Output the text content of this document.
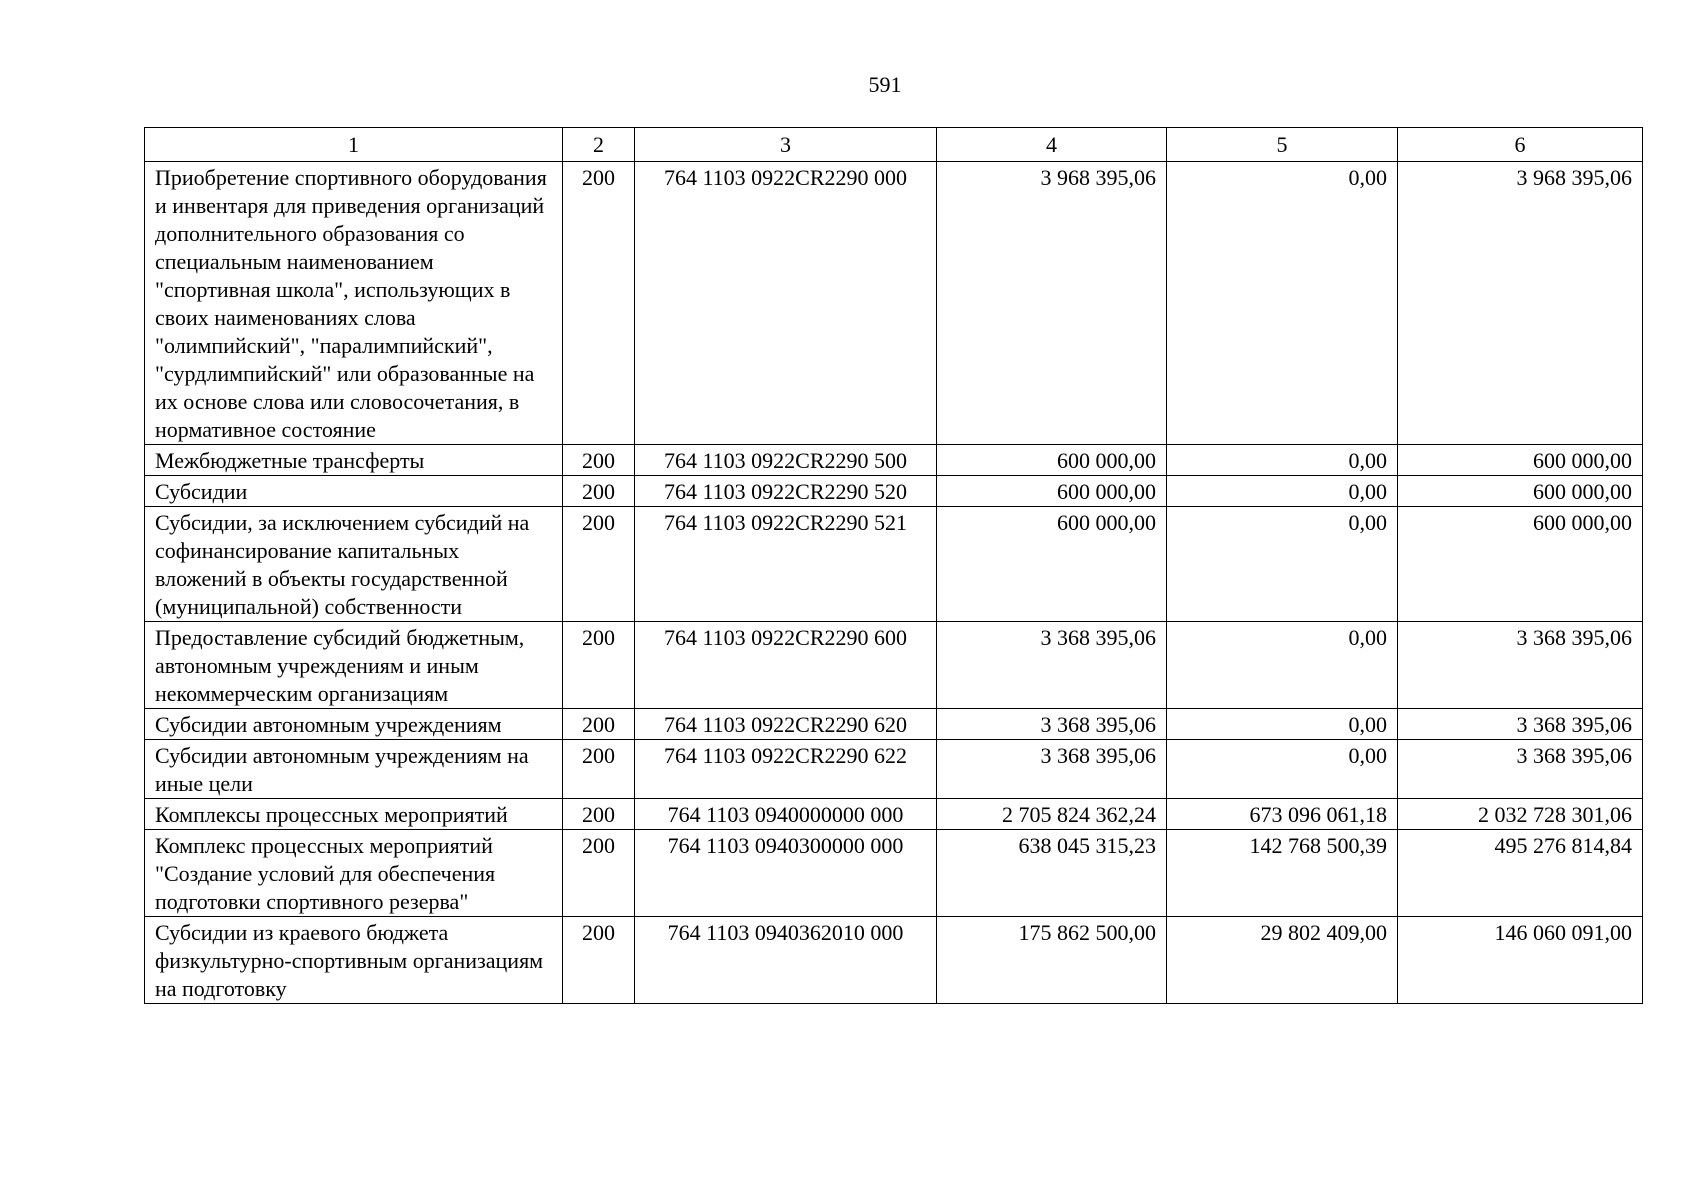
591
1	2	3	4	5	6
Приобретение спортивного оборудования и инвентаря для приведения организаций дополнительного образования со специальным наименованием "спортивная школа", использующих в своих наименованиях слова "олимпийский", "паралимпийский", "сурдлимпийский" или образованные на их основе слова или словосочетания, в нормативное состояние	200	764 1103 0922CR2290 000	3 968 395,06	0,00	3 968 395,06
Межбюджетные трансферты	200	764 1103 0922CR2290 500	600 000,00	0,00	600 000,00
Субсидии	200	764 1103 0922CR2290 520	600 000,00	0,00	600 000,00
Субсидии, за исключением субсидий на софинансирование капитальных вложений в объекты государственной (муниципальной) собственности	200	764 1103 0922CR2290 521	600 000,00	0,00	600 000,00
Предоставление субсидий бюджетным, автономным учреждениям и иным некоммерческим организациям	200	764 1103 0922CR2290 600	3 368 395,06	0,00	3 368 395,06
Субсидии автономным учреждениям	200	764 1103 0922CR2290 620	3 368 395,06	0,00	3 368 395,06
Субсидии автономным учреждениям на иные цели	200	764 1103 0922CR2290 622	3 368 395,06	0,00	3 368 395,06
Комплексы процессных мероприятий	200	764 1103 0940000000 000	2 705 824 362,24	673 096 061,18	2 032 728 301,06
Комплекс процессных мероприятий "Создание условий для обеспечения подготовки спортивного резерва"	200	764 1103 0940300000 000	638 045 315,23	142 768 500,39	495 276 814,84
Субсидии из краевого бюджета физкультурно-спортивным организациям на подготовку	200	764 1103 0940362010 000	175 862 500,00	29 802 409,00	146 060 091,00
